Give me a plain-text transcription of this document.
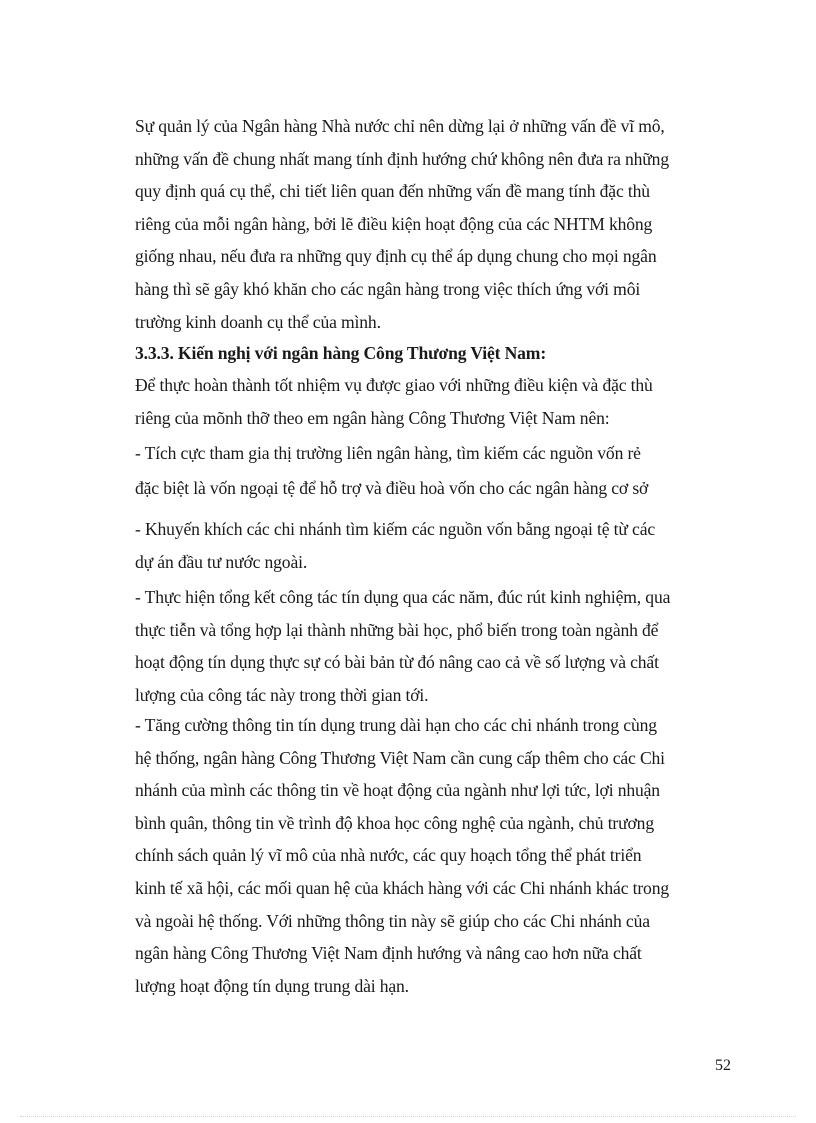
Sự quản lý của Ngân hàng Nhà nước chỉ nên dừng lại ở những vấn đề vĩ mô,
những vấn đề chung nhất mang tính định hướng chứ không nên đưa ra những
quy định quá cụ thể, chi tiết liên quan đến những vấn đề mang tính đặc thù
riêng của mỗi ngân hàng, bởi lẽ điều kiện hoạt động của các NHTM không
giống nhau, nếu đưa ra những quy định cụ thể áp dụng chung cho mọi ngân
hàng thì sẽ gây khó khăn cho các ngân hàng trong việc thích ứng với môi
trường kinh doanh cụ thể của mình.
3.3.3. Kiến nghị với ngân hàng Công Thương Việt Nam:
Để thực hoàn thành tốt nhiệm vụ được giao với những điều kiện và đặc thù
riêng của mõnh thỡ theo em ngân hàng Công Thương Việt Nam nên:
- Tích cực tham gia thị trường liên ngân hàng, tìm kiếm các nguồn vốn rẻ
đặc biệt là vốn ngoại tệ để hỗ trợ và điều hoà vốn cho các ngân hàng cơ sở
- Khuyến khích các chi nhánh tìm kiếm các nguồn vốn bằng ngoại tệ từ các
dự án đầu tư nước ngoài.
- Thực hiện tổng kết công tác tín dụng qua các năm, đúc rút kinh nghiệm, qua
thực tiễn và tổng hợp lại thành những bài học, phổ biến trong toàn ngành để
hoạt động tín dụng thực sự có bài bản từ đó nâng cao cả về số lượng và chất
lượng của công tác này trong thời gian tới.
- Tăng cường thông tin tín dụng trung dài hạn cho các chi nhánh trong cùng
hệ thống, ngân hàng Công Thương Việt Nam cần cung cấp thêm cho các Chi
nhánh của mình các thông tin về hoạt động của ngành như lợi tức, lợi nhuận
bình quân, thông tin về trình độ khoa học công nghệ của ngành, chủ trương
chính sách quản lý vĩ mô của nhà nước, các quy hoạch tổng thể phát triển
kinh tế xã hội, các mối quan hệ của khách hàng với các Chi nhánh khác trong
và ngoài hệ thống. Với những thông tin này sẽ giúp cho các Chi nhánh của
ngân hàng Công Thương Việt Nam định hướng và nâng cao hơn nữa chất
lượng hoạt động tín dụng trung dài hạn.
52
